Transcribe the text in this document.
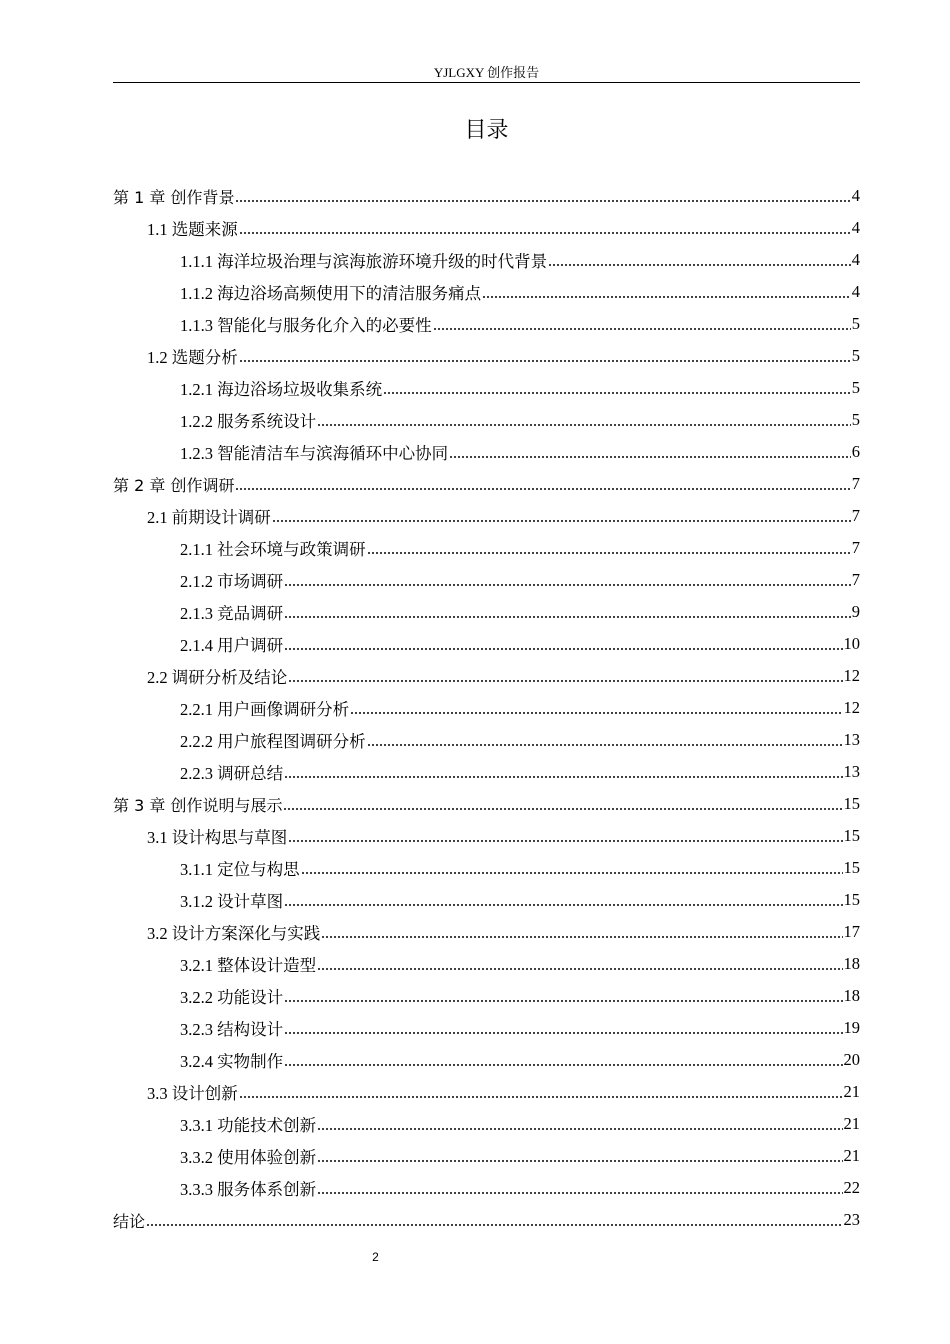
YJLGXY 创作报告
目录
第 1 章 创作背景	4
1.1 选题来源	4
1.1.1 海洋垃圾治理与滨海旅游环境升级的时代背景	4
1.1.2 海边浴场高频使用下的清洁服务痛点	4
1.1.3 智能化与服务化介入的必要性	5
1.2 选题分析	5
1.2.1 海边浴场垃圾收集系统	5
1.2.2 服务系统设计	5
1.2.3 智能清洁车与滨海循环中心协同	6
第 2 章 创作调研	7
2.1 前期设计调研	7
2.1.1 社会环境与政策调研	7
2.1.2 市场调研	7
2.1.3 竞品调研	9
2.1.4 用户调研	10
2.2 调研分析及结论	12
2.2.1 用户画像调研分析	12
2.2.2 用户旅程图调研分析	13
2.2.3 调研总结	13
第 3 章 创作说明与展示	15
3.1 设计构思与草图	15
3.1.1 定位与构思	15
3.1.2 设计草图	15
3.2 设计方案深化与实践	17
3.2.1 整体设计造型	18
3.2.2 功能设计	18
3.2.3 结构设计	19
3.2.4 实物制作	20
3.3 设计创新	21
3.3.1 功能技术创新	21
3.3.2 使用体验创新	21
3.3.3 服务体系创新	22
结论	23
2
